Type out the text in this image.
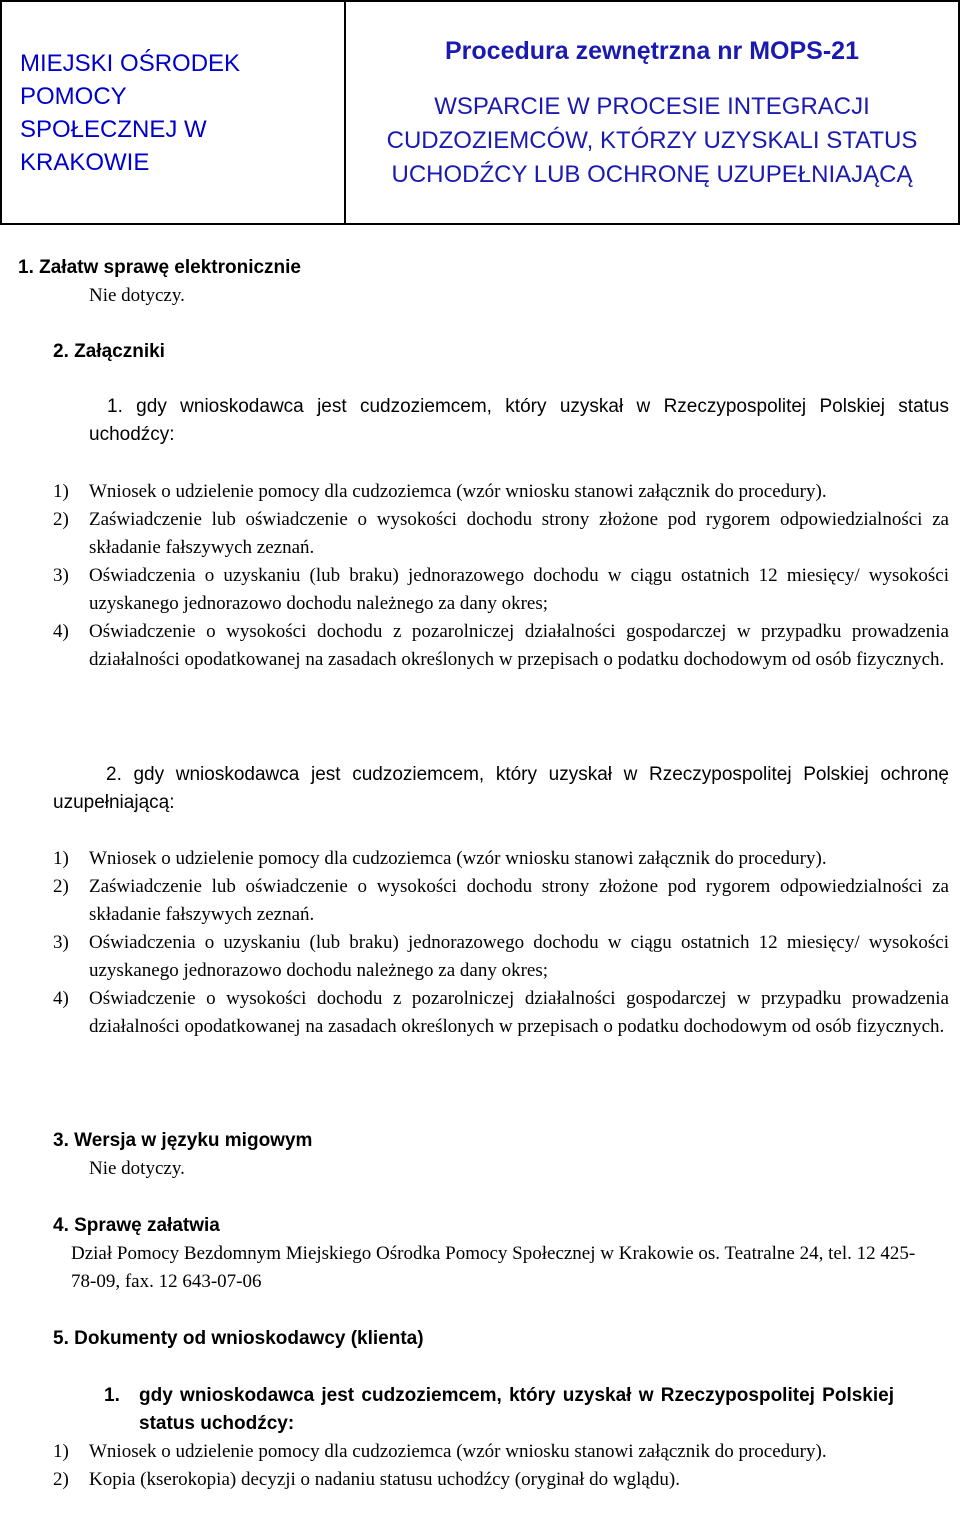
MIEJSKI OŚRODEK
POMOCY
SPOŁECZNEJ W
KRAKOWIE

Procedura zewnętrzna nr MOPS-21
WSPARCIE W PROCESIE INTEGRACJI CUDZOZIEMCÓW, KTÓRZY UZYSKALI STATUS UCHODŹCY LUB OCHRONĘ UZUPEŁNIAJĄCĄ
1. Załatw sprawę elektronicznie
Nie dotyczy.
2. Załączniki
1. gdy wnioskodawca jest cudzoziemcem, który uzyskał w Rzeczypospolitej Polskiej status uchodźcy:
1) Wniosek o udzielenie pomocy dla cudzoziemca (wzór wniosku stanowi załącznik do procedury).
2) Zaświadczenie lub oświadczenie o wysokości dochodu strony złożone pod rygorem odpowiedzialności za składanie fałszywych zeznań.
3) Oświadczenia o uzyskaniu (lub braku) jednorazowego dochodu w ciągu ostatnich 12 miesięcy/ wysokości uzyskanego jednorazowo dochodu należnego za dany okres;
4) Oświadczenie o wysokości dochodu z pozarolniczej działalności gospodarczej w przypadku prowadzenia działalności opodatkowanej na zasadach określonych w przepisach o podatku dochodowym od osób fizycznych.
2. gdy wnioskodawca jest cudzoziemcem, który uzyskał w Rzeczypospolitej Polskiej ochronę uzupełniającą:
1) Wniosek o udzielenie pomocy dla cudzoziemca (wzór wniosku stanowi załącznik do procedury).
2) Zaświadczenie lub oświadczenie o wysokości dochodu strony złożone pod rygorem odpowiedzialności za składanie fałszywych zeznań.
3) Oświadczenia o uzyskaniu (lub braku) jednorazowego dochodu w ciągu ostatnich 12 miesięcy/ wysokości uzyskanego jednorazowo dochodu należnego za dany okres;
4) Oświadczenie o wysokości dochodu z pozarolniczej działalności gospodarczej w przypadku prowadzenia działalności opodatkowanej na zasadach określonych w przepisach o podatku dochodowym od osób fizycznych.
3. Wersja w języku migowym
Nie dotyczy.
4. Sprawę załatwia
Dział Pomocy Bezdomnym Miejskiego Ośrodka Pomocy Społecznej w Krakowie os. Teatralne 24, tel. 12 425-78-09, fax. 12 643-07-06
5. Dokumenty od wnioskodawcy (klienta)
1. gdy wnioskodawca jest cudzoziemcem, który uzyskał w Rzeczypospolitej Polskiej status uchodźcy:
1) Wniosek o udzielenie pomocy dla cudzoziemca (wzór wniosku stanowi załącznik do procedury).
2) Kopia (kserokopia) decyzji o nadaniu statusu uchodźcy (oryginał do wglądu).
